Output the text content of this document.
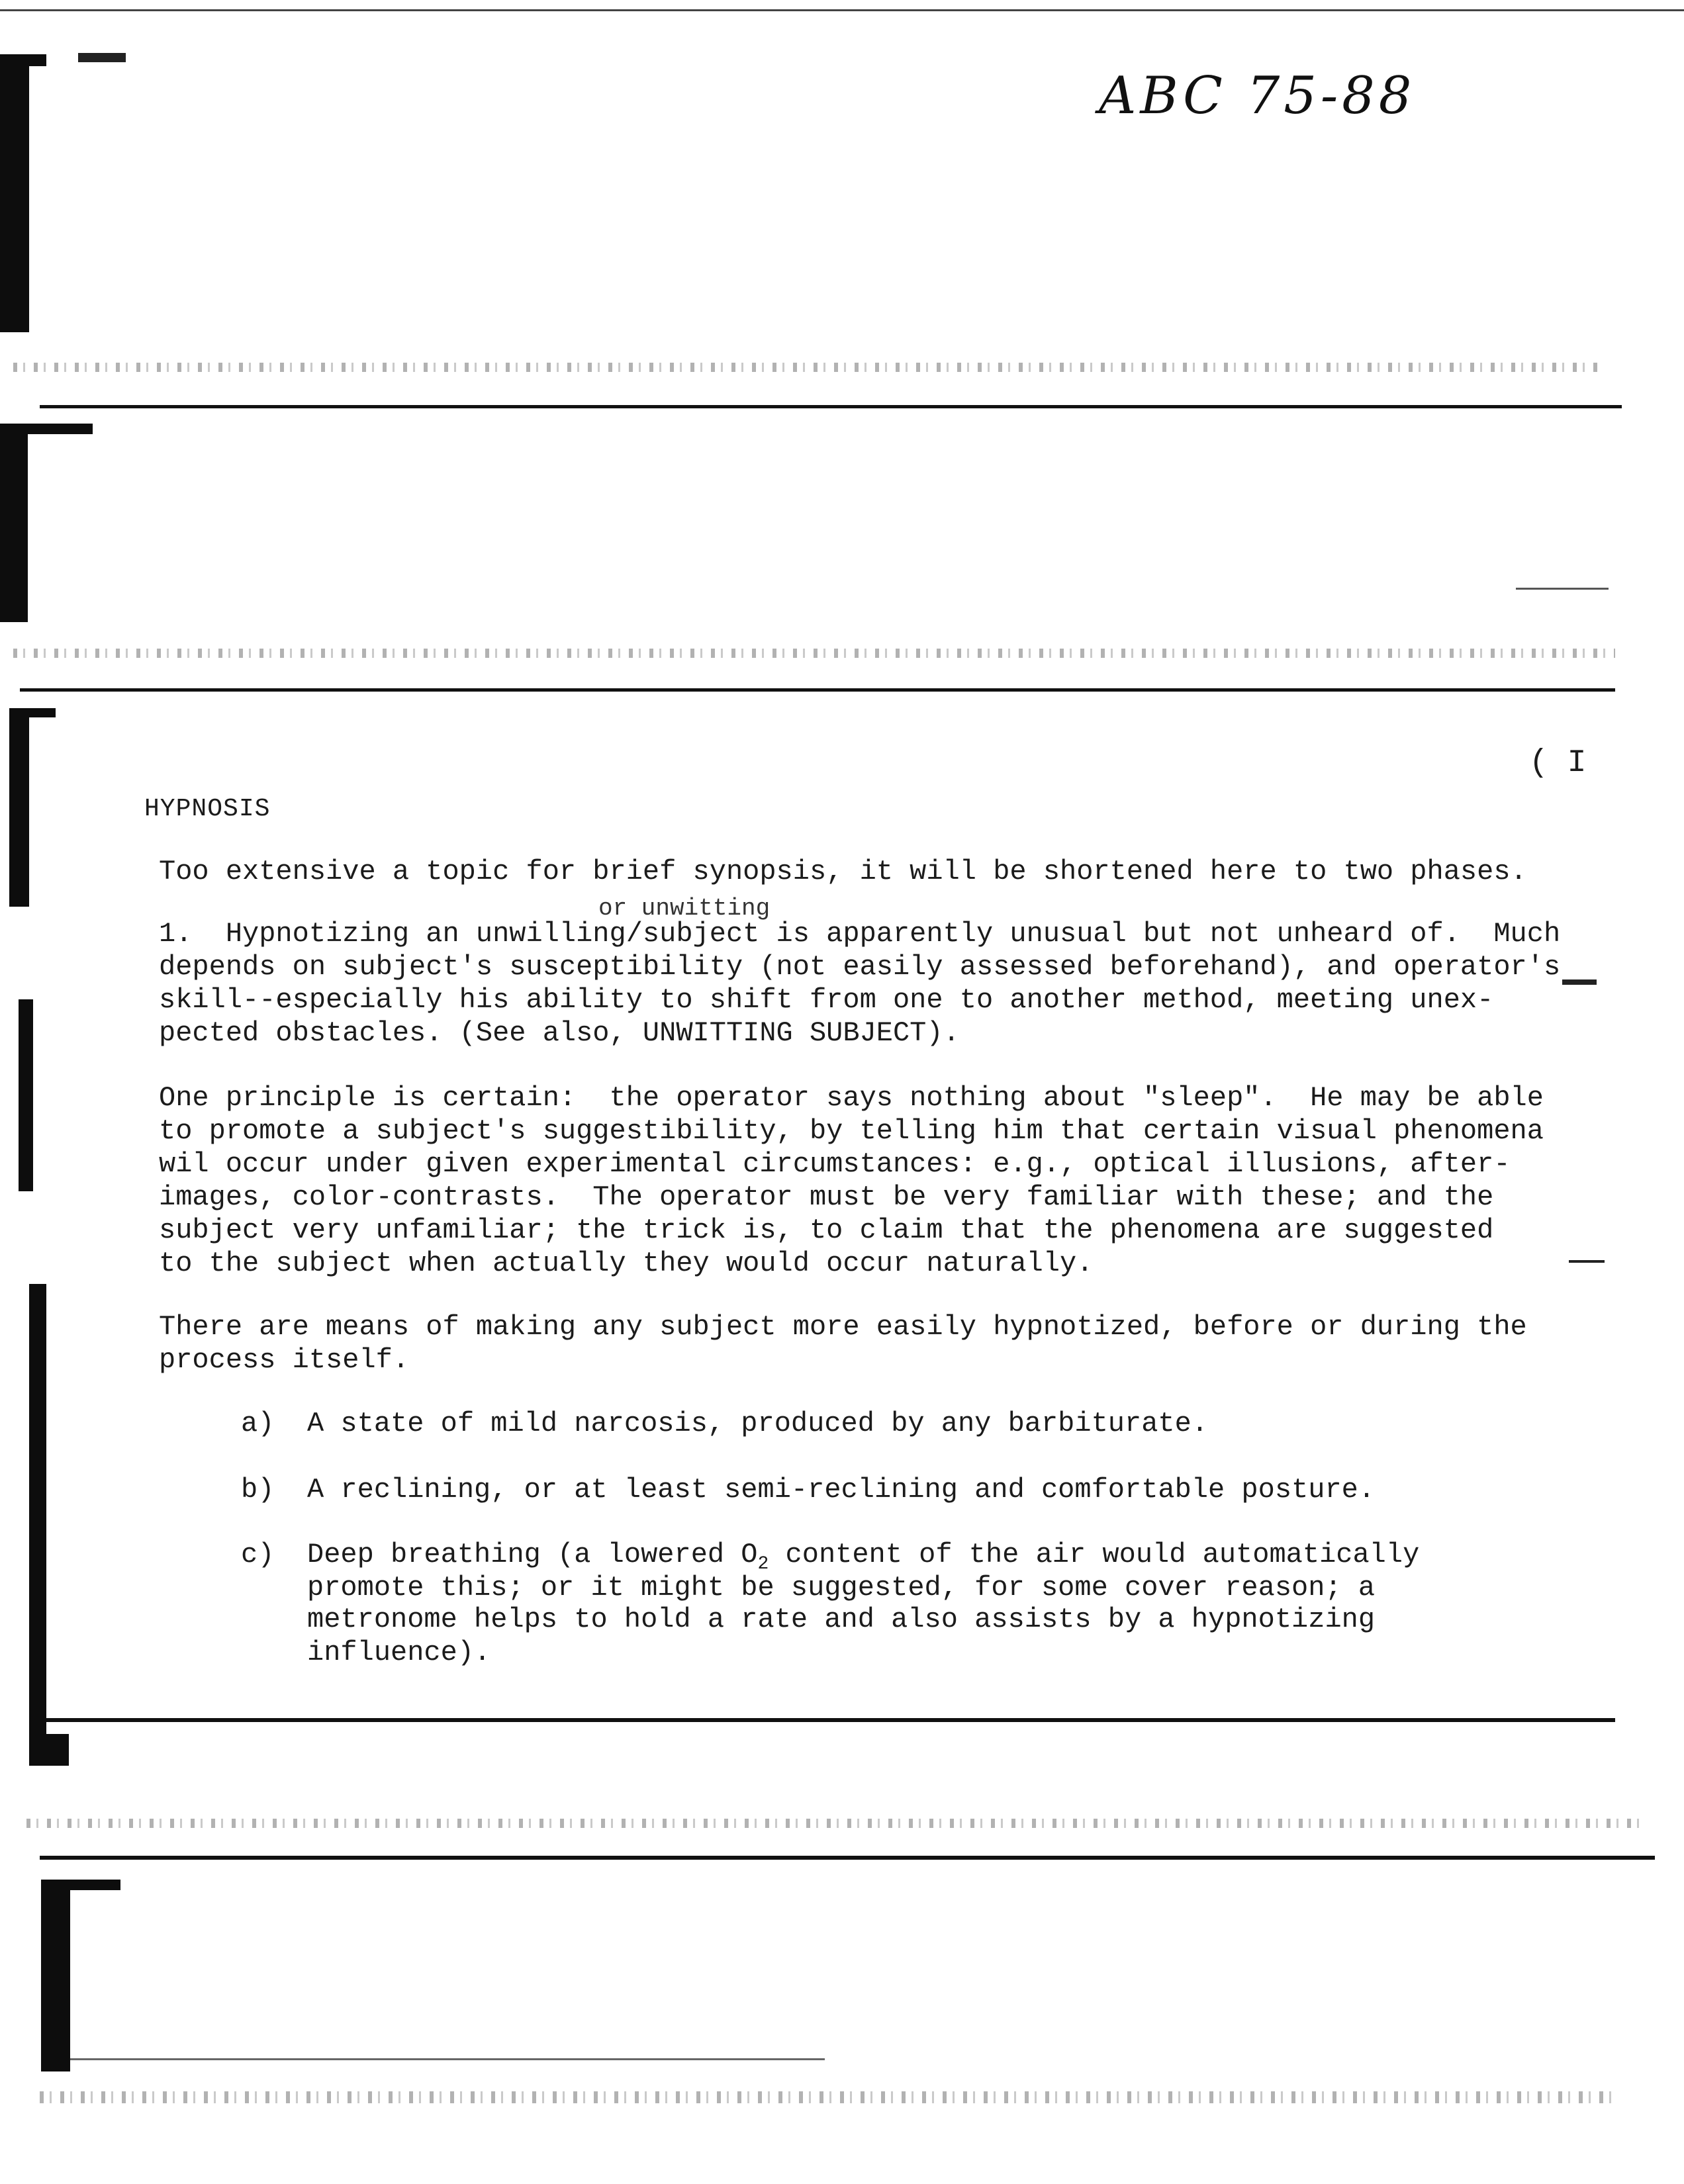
ABC 75-88
( I
HYPNOSIS
Too extensive a topic for brief synopsis, it will be shortened here to two phases.
or unwitting
1.  Hypnotizing an unwilling/subject is apparently unusual but not unheard of.  Much
depends on subject's susceptibility (not easily assessed beforehand), and operator's
skill--especially his ability to shift from one to another method, meeting unex-
pected obstacles. (See also, UNWITTING SUBJECT).
One principle is certain:  the operator says nothing about "sleep".  He may be able
to promote a subject's suggestibility, by telling him that certain visual phenomena
wil occur under given experimental circumstances: e.g., optical illusions, after-
images, color-contrasts.  The operator must be very familiar with these; and the
subject very unfamiliar; the trick is, to claim that the phenomena are suggested
to the subject when actually they would occur naturally.
There are means of making any subject more easily hypnotized, before or during the
process itself.
a) A state of mild narcosis, produced by any barbiturate.
b) A reclining, or at least semi-reclining and comfortable posture.
c) Deep breathing (a lowered $O_2$ content of the air would automatically
promote this; or it might be suggested, for some cover reason; a
metronome helps to hold a rate and also assists by a hypnotizing
influence).
